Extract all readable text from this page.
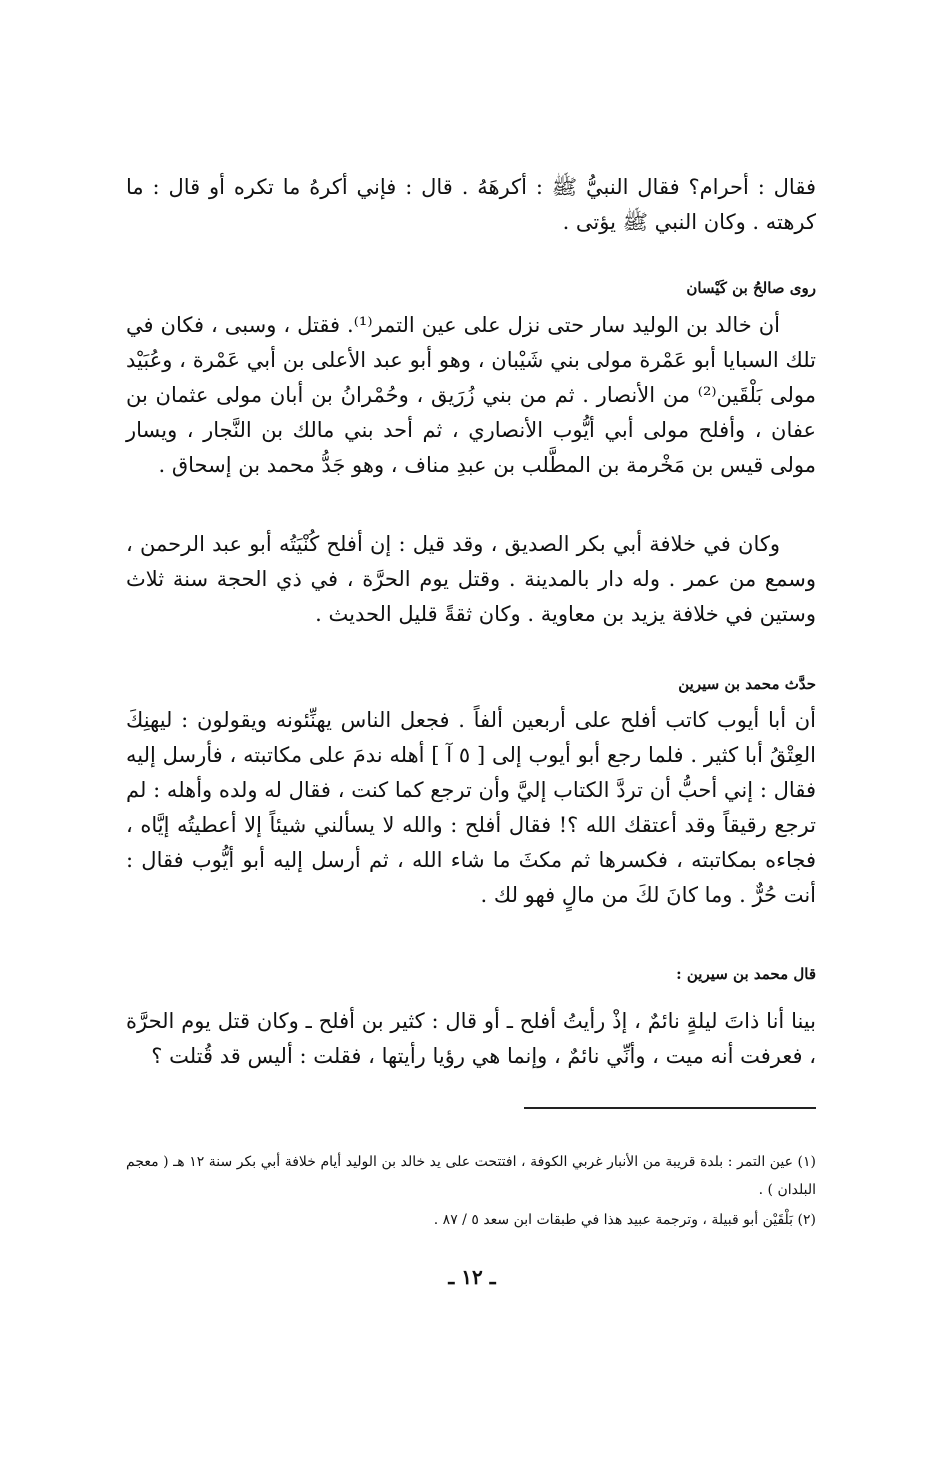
فقال : أحرام؟ فقال النبيُّ ﷺ : أكرهَهُ . قال : فإني أكرهُ ما تكره أو قال : ما كرهته . وكان النبي ﷺ يؤتى .

روى صالحُ بن كَيْسان

أن خالد بن الوليد سار حتى نزل على عين التمر⁽¹⁾. فقتل ، وسبى ، فكان في تلك السبايا أبو عَمْرة مولى بني شَيْبان ، وهو أبو عبد الأعلى بن أبي عَمْرة ، وعُبَيْد مولى بَلْقَين⁽²⁾ من الأنصار . ثم من بني زُرَيق ، وحُمْرانُ بن أبان مولى عثمان بن عفان ، وأفلح مولى أبي أيُّوب الأنصاري ، ثم أحد بني مالك بن النَّجار ، ويسار مولى قيس بن مَخْرمة بن المطَّلب بن عبدِ مناف ، وهو جَدُّ محمد بن إسحاق .

وكان في خلافة أبي بكر الصديق ، وقد قيل : إن أفلح كُنْيَتُه أبو عبد الرحمن ، وسمع من عمر . وله دار بالمدينة . وقتل يوم الحرَّة ، في ذي الحجة سنة ثلاث وستين في خلافة يزيد بن معاوية . وكان ثقةً قليل الحديث .

حدَّث محمد بن سيرين

أن أبا أيوب كاتب أفلح على أربعين ألفاً . فجعل الناس يهنِّئونه ويقولون : ليهنِكَ العِتْقُ أبا كثير . فلما رجع أبو أيوب إلى [ ٥ آ ] أهله ندمَ على مكاتبته ، فأرسل إليه فقال : إني أحبُّ أن تردَّ الكتاب إليَّ وأن ترجع كما كنت ، فقال له ولده وأهله : لم ترجع رقيقاً وقد أعتقك الله ؟! فقال أفلح : والله لا يسألني شيئاً إلا أعطيتُه إيَّاه ، فجاءه بمكاتبته ، فكسرها ثم مكثَ ما شاء الله ، ثم أرسل إليه أبو أيُّوب فقال : أنت حُرٌّ . وما كانَ لكَ من مالٍ فهو لك .

قال محمد بن سيرين :

بينا أنا ذاتَ ليلةٍ نائمٌ ، إذْ رأيتُ أفلح ـ أو قال : كثير بن أفلح ـ وكان قتل يوم الحرَّة ، فعرفت أنه ميت ، وأنِّي نائمٌ ، وإنما هي رؤيا رأيتها ، فقلت : أليس قد قُتلت ؟

(١) عين التمر : بلدة قريبة من الأنبار غربي الكوفة ، افتتحت على يد خالد بن الوليد أيام خلافة أبي بكر سنة ١٢ هـ ( معجم البلدان ) .

(٢) بَلْقَيْن أبو قبيلة ، وترجمة عبيد هذا في طبقات ابن سعد ٥ / ٨٧ .

ـ ١٢ ـ
